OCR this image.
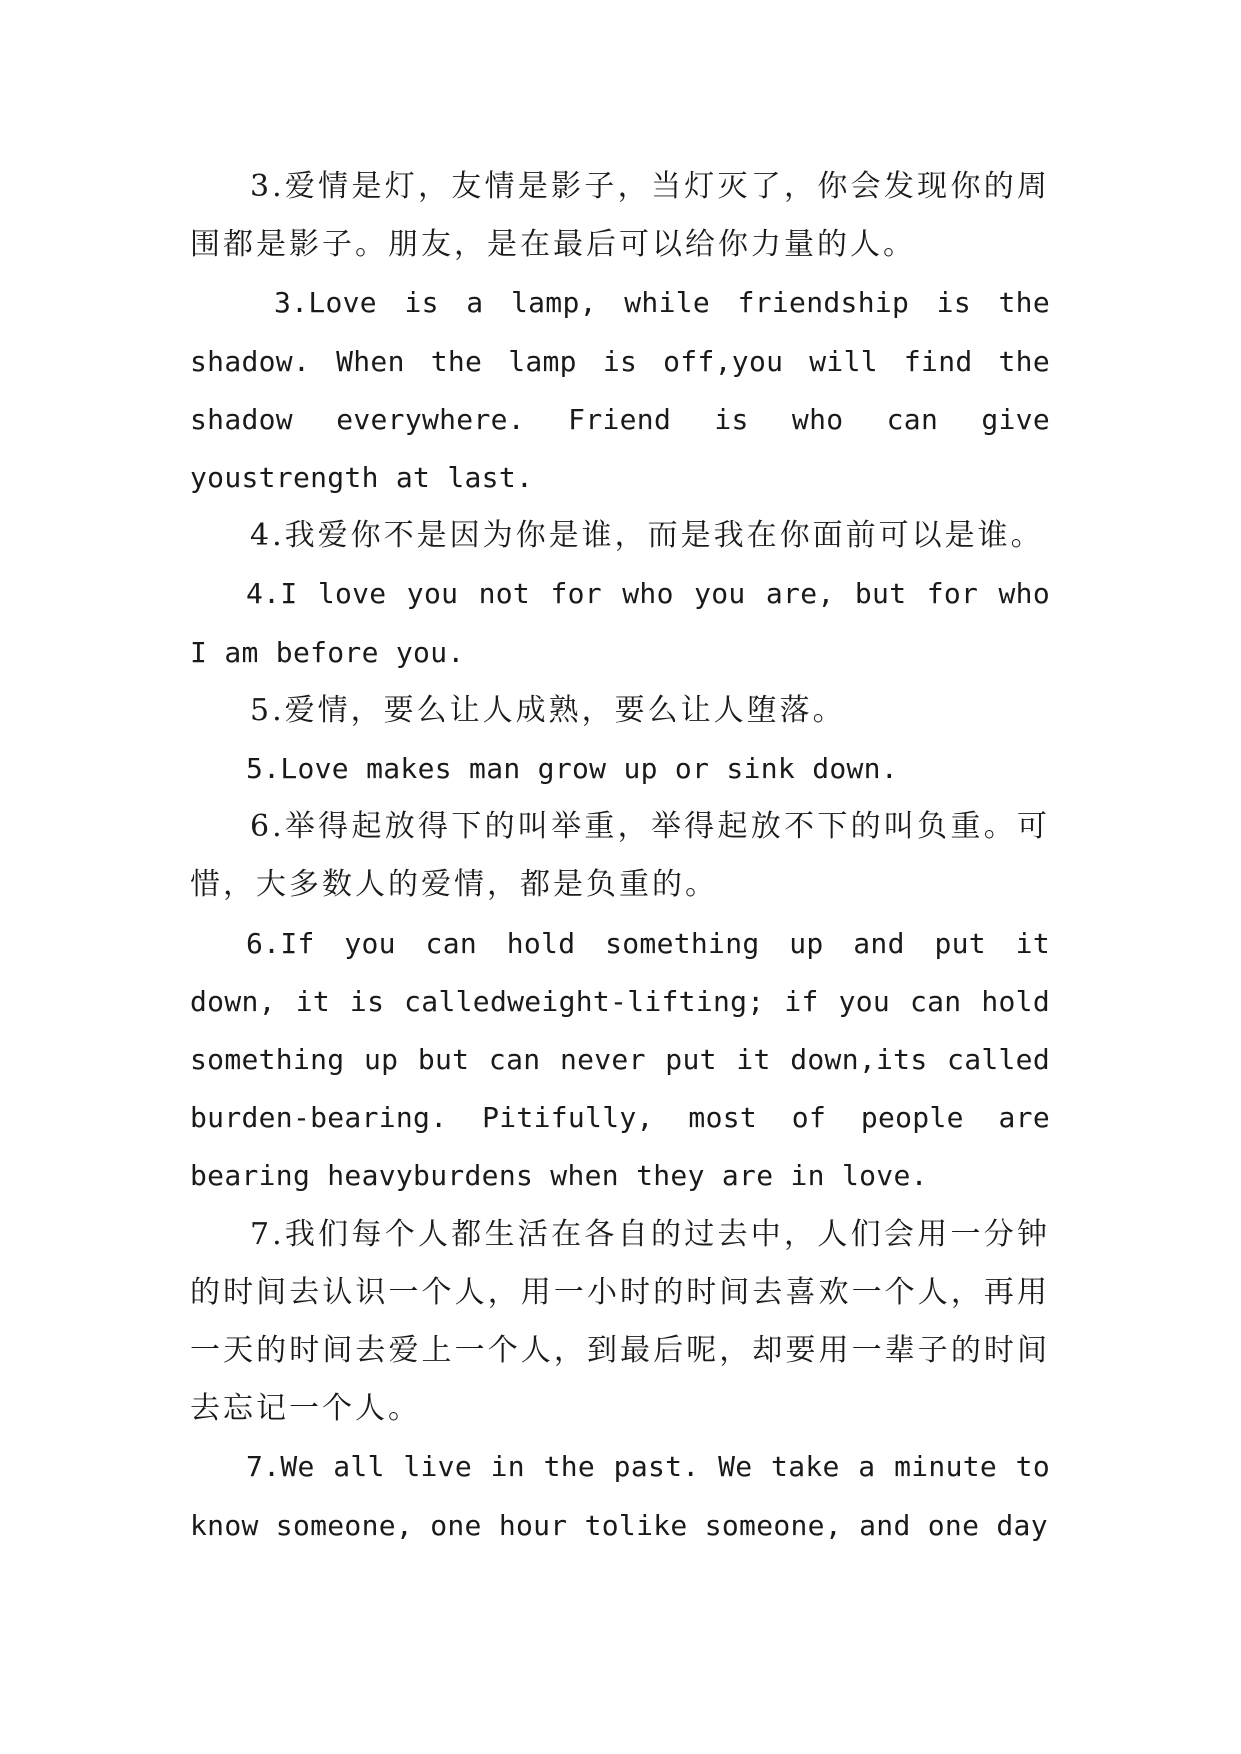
3.爱情是灯，友情是影子，当灯灭了，你会发现你的周围都是影子。朋友，是在最后可以给你力量的人。

3.Love is a lamp, while friendship is the shadow. When the lamp is off,you will find the shadow everywhere. Friend is who can give youstrength at last.

4.我爱你不是因为你是谁，而是我在你面前可以是谁。

4.I love you not for who you are, but for who I am before you.

5.爱情，要么让人成熟，要么让人堕落。

5.Love makes man grow up or sink down.

6.举得起放得下的叫举重，举得起放不下的叫负重。可惜，大多数人的爱情，都是负重的。

6.If you can hold something up and put it down, it is calledweight-lifting; if you can hold something up but can never put it down,its called burden-bearing. Pitifully, most of people are bearing heavyburdens when they are in love.

7.我们每个人都生活在各自的过去中，人们会用一分钟的时间去认识一个人，用一小时的时间去喜欢一个人，再用一天的时间去爱上一个人，到最后呢，却要用一辈子的时间去忘记一个人。

7.We all live in the past. We take a minute to know someone, one hour tolike someone, and one day
